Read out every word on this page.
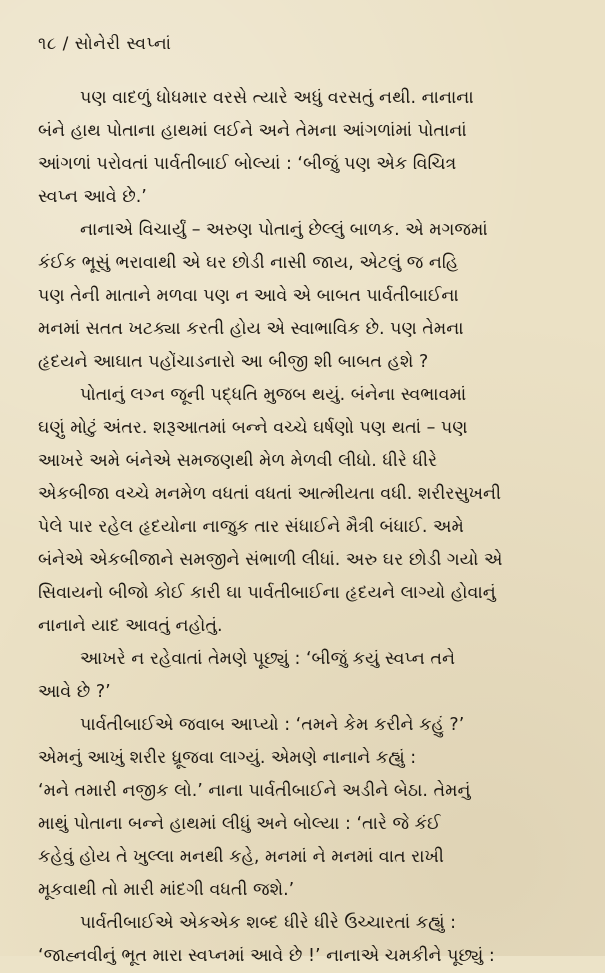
૧૮ / સોનેરી સ્વપ્નાં
પણ વાદળું ધોધમાર વરસે ત્યારે અધું વરસતું નથી. નાનાના
બંને હાથ પોતાના હાથમાં લઈને અને તેમના આંગળાંમાં પોતાનાં
આંગળાં પરોવતાં પાર્વતીબાઈ બોલ્યાં : ‘બીજું પણ એક વિચિત્ર
સ્વપ્ન આવે છે.’
નાનાએ વિચાર્યું – અરુણ પોતાનું છેલ્લું બાળક. એ મગજમાં
કંઈક ભૂસું ભરાવાથી એ ઘર છોડી નાસી જાય, એટલું જ નહિ
પણ તેની માતાને મળવા પણ ન આવે એ બાબત પાર્વતીબાઈના
મનમાં સતત ખટક્યા કરતી હોય એ સ્વાભાવિક છે. પણ તેમના
હૃદયને આઘાત પહોંચાડનારો આ બીજી શી બાબત હશે ?
પોતાનું લગ્ન જૂની પદ્ધતિ મુજબ થયું. બંનેના સ્વભાવમાં
ઘણું મોટું અંતર. શરૂઆતમાં બન્ને વચ્ચે ઘર્ષણો પણ થતાં – પણ
આખરે અમે બંનેએ સમજણથી મેળ મેળવી લીધો. ધીરે ધીરે
એકબીજા વચ્ચે મનમેળ વધતાં વધતાં આત્મીયતા વધી. શરીરસુખની
પેલે પાર રહેલ હૃદયોના નાજુક તાર સંધાઈને મૈત્રી બંધાઈ. અમે
બંનેએ એકબીજાને સમજીને સંભાળી લીધાં. અરુ ઘર છોડી ગયો એ
સિવાયનો બીજો કોઈ કારી ઘા પાર્વતીબાઈના હૃદયને લાગ્યો હોવાનું
નાનાને યાદ આવતું નહોતું.
આખરે ન રહેવાતાં તેમણે પૂછ્યું : ‘બીજું કયું સ્વપ્ન તને
આવે છે ?’
પાર્વતીબાઈએ જવાબ આપ્યો : ‘તમને કેમ કરીને કહું ?’
એમનું આખું શરીર ધ્રૂજવા લાગ્યું. એમણે નાનાને કહ્યું :
‘મને તમારી નજીક લો.’ નાના પાર્વતીબાઈને અડીને બેઠા. તેમનું
માથું પોતાના બન્ને હાથમાં લીધું અને બોલ્યા : ‘તારે જે કંઈ
કહેવું હોય તે ખુલ્લા મનથી કહે, મનમાં ને મનમાં વાત રાખી
મૂકવાથી તો મારી માંદગી વધતી જશે.’
પાર્વતીબાઈએ એકએક શબ્દ ધીરે ધીરે ઉચ્ચારતાં કહ્યું :
‘જાહ્નવીનું ભૂત મારા સ્વપ્નમાં આવે છે !’ નાનાએ ચમકીને પૂછ્યું :
